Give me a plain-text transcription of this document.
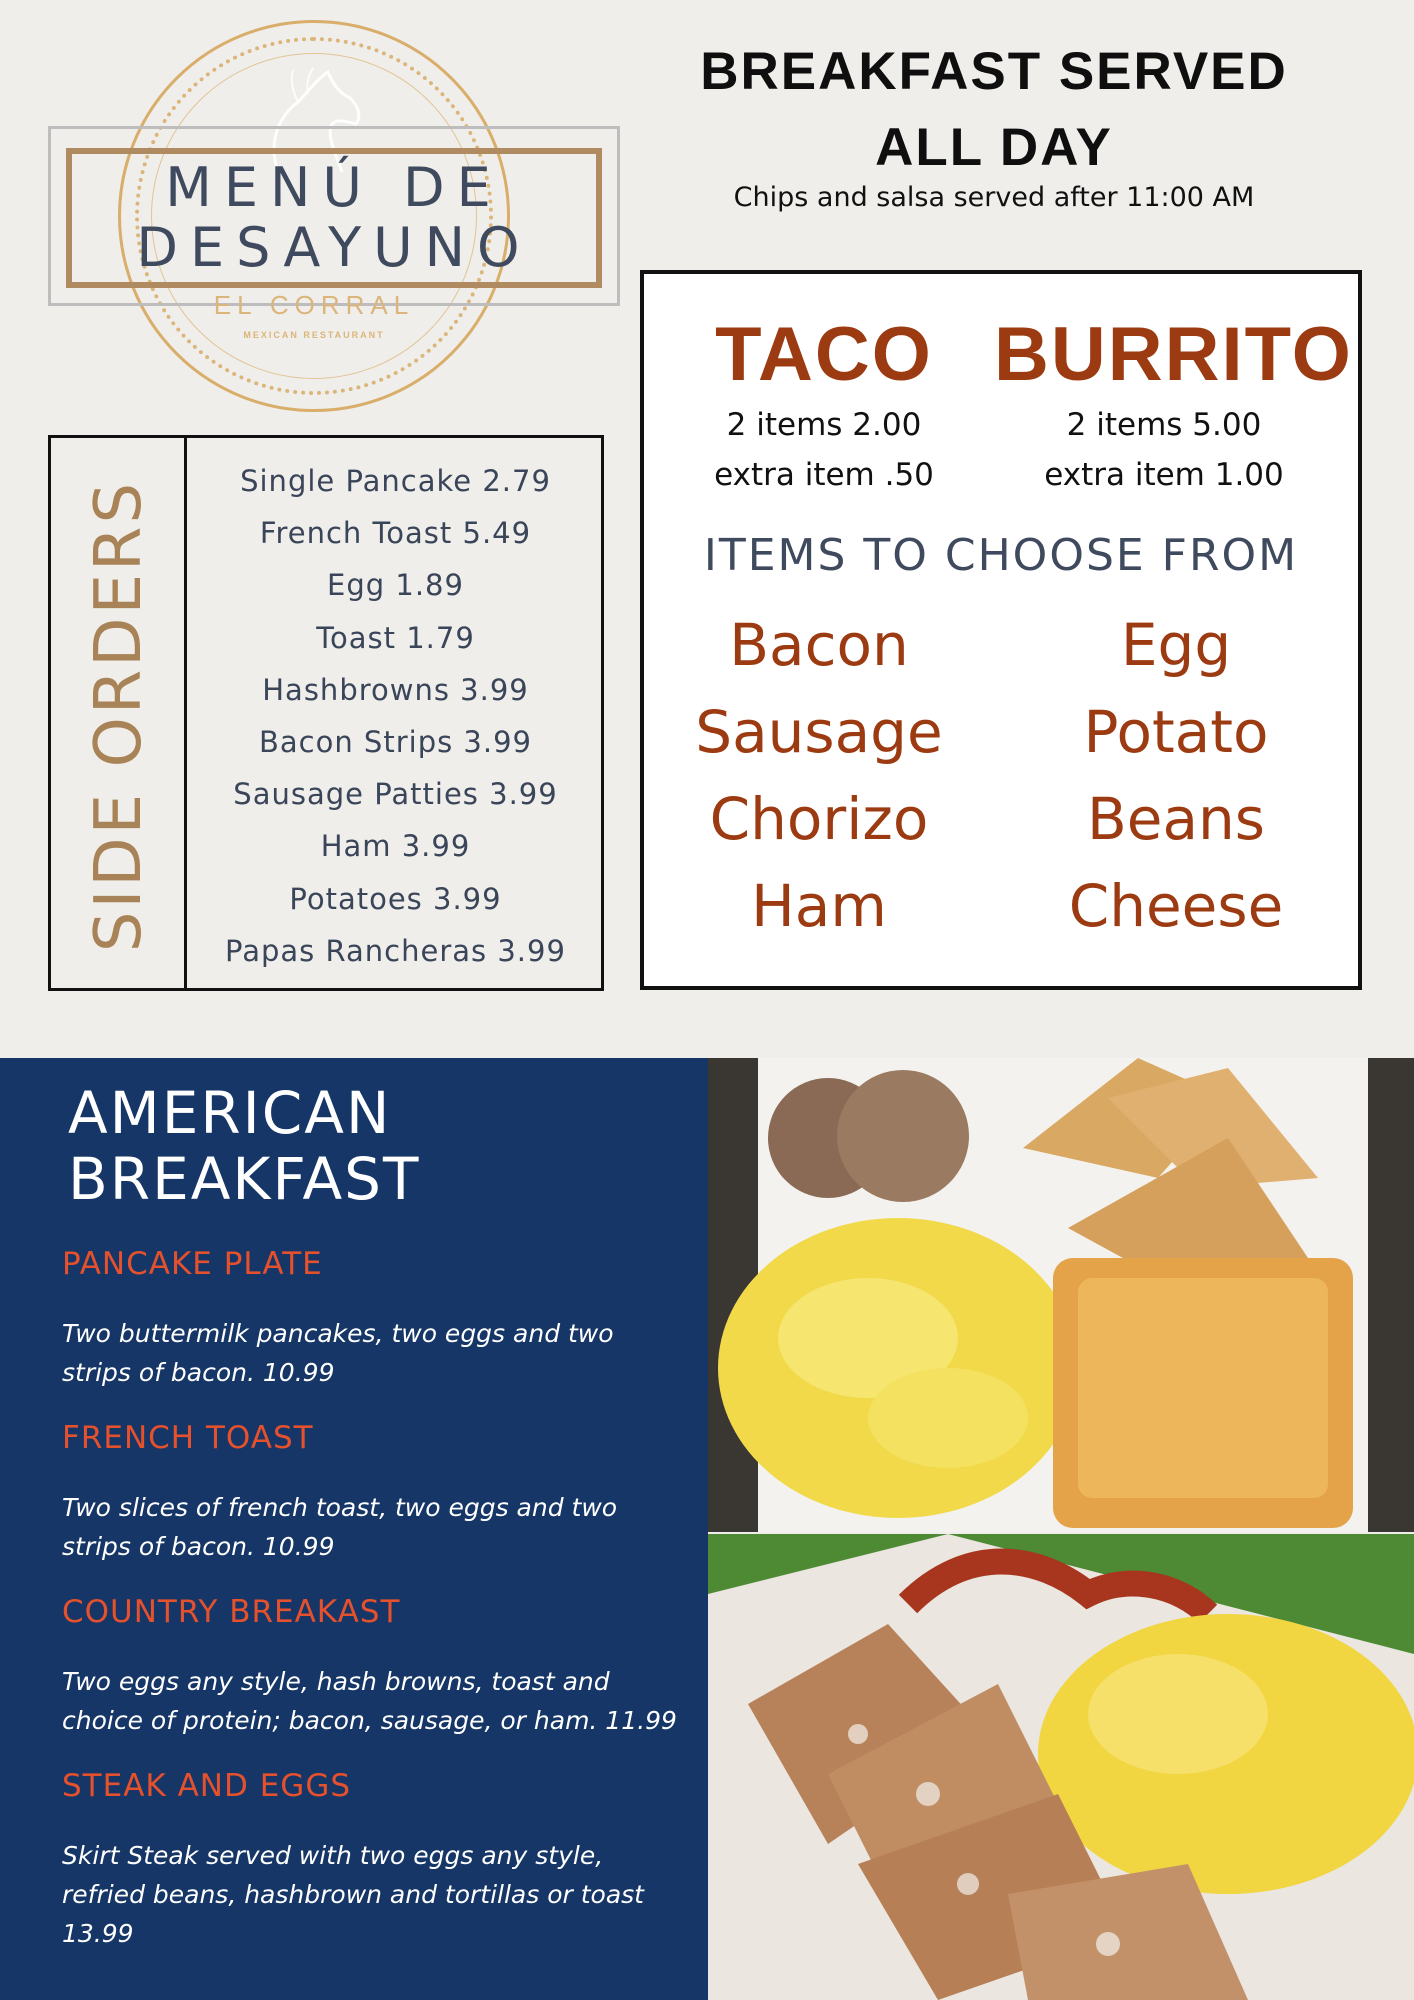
MENÚ DE
DESAYUNO
EL CORRAL
MEXICAN RESTAURANT
BREAKFAST SERVED
ALL DAY
Chips and salsa served after 11:00 AM
SIDE ORDERS	Single Pancake 2.79
French Toast 5.49
Egg 1.89
Toast 1.79
Hashbrowns 3.99
Bacon Strips 3.99
Sausage Patties 3.99
Ham 3.99
Potatoes 3.99
Papas Rancheras 3.99
TACO
2 items 2.00
extra item .50
BURRITO
2 items 5.00
extra item 1.00
ITEMS TO CHOOSE FROM
Bacon	Egg
Sausage	Potato
Chorizo	Beans
Ham	Cheese
AMERICAN
BREAKFAST
PANCAKE PLATE
Two buttermilk pancakes, two eggs and two strips of bacon. 10.99
FRENCH TOAST
Two slices of french toast, two eggs and two strips of bacon. 10.99
COUNTRY BREAKAST
Two eggs any style, hash browns, toast and choice of protein; bacon, sausage, or ham. 11.99
STEAK AND EGGS
Skirt Steak served with two eggs any style, refried beans, hashbrown and tortillas or toast 13.99
